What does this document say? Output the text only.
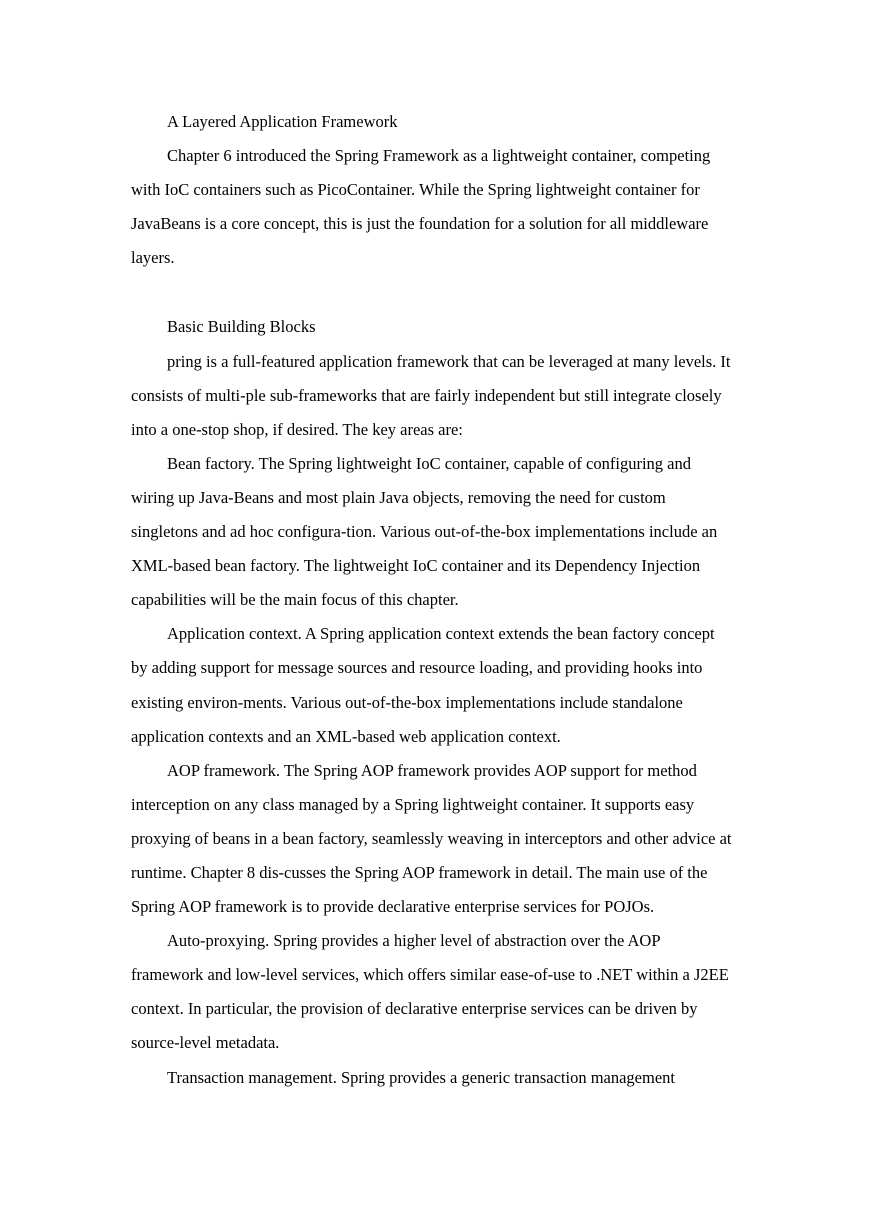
A Layered Application Framework

Chapter 6 introduced the Spring Framework as a lightweight container, competing with IoC containers such as PicoContainer. While the Spring lightweight container for JavaBeans is a core concept, this is just the foundation for a solution for all middleware layers.

Basic Building Blocks

pring is a full-featured application framework that can be leveraged at many levels. It consists of multi-ple sub-frameworks that are fairly independent but still integrate closely into a one-stop shop, if desired. The key areas are:

Bean factory. The Spring lightweight IoC container, capable of configuring and wiring up Java-Beans and most plain Java objects, removing the need for custom singletons and ad hoc configura-tion. Various out-of-the-box implementations include an XML-based bean factory. The lightweight IoC container and its Dependency Injection capabilities will be the main focus of this chapter.

Application context. A Spring application context extends the bean factory concept by adding support for message sources and resource loading, and providing hooks into existing environ-ments. Various out-of-the-box implementations include standalone application contexts and an XML-based web application context.

AOP framework. The Spring AOP framework provides AOP support for method interception on any class managed by a Spring lightweight container. It supports easy proxying of beans in a bean factory, seamlessly weaving in interceptors and other advice at runtime. Chapter 8 dis-cusses the Spring AOP framework in detail. The main use of the Spring AOP framework is to provide declarative enterprise services for POJOs.

Auto-proxying. Spring provides a higher level of abstraction over the AOP framework and low-level services, which offers similar ease-of-use to .NET within a J2EE context. In particular, the provision of declarative enterprise services can be driven by source-level metadata.

Transaction management. Spring provides a generic transaction management
